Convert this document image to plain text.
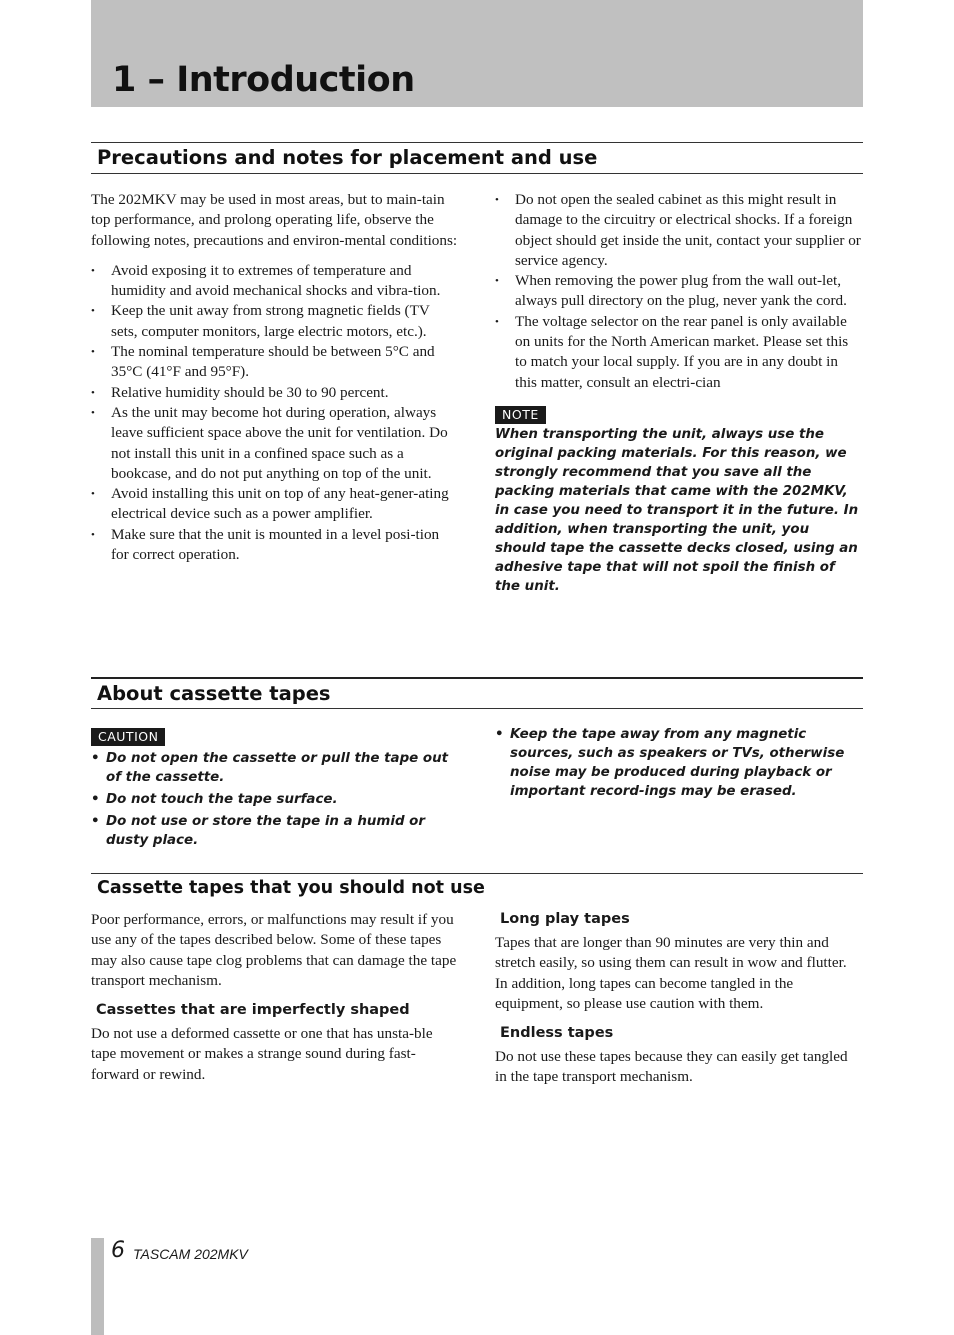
1 – Introduction
Precautions and notes for placement and use

The 202MKV may be used in most areas, but to main-tain top performance, and prolong operating life, observe the following notes, precautions and environ-mental conditions:

• Avoid exposing it to extremes of temperature and humidity and avoid mechanical shocks and vibra-tion.
• Keep the unit away from strong magnetic fields (TV sets, computer monitors, large electric motors, etc.).
• The nominal temperature should be between 5°C and 35°C (41°F and 95°F).
• Relative humidity should be 30 to 90 percent.
• As the unit may become hot during operation, always leave sufficient space above the unit for ventilation. Do not install this unit in a confined space such as a bookcase, and do not put anything on top of the unit.
• Avoid installing this unit on top of any heat-gener-ating electrical device such as a power amplifier.
• Make sure that the unit is mounted in a level posi-tion for correct operation.
• Do not open the sealed cabinet as this might result in damage to the circuitry or electrical shocks. If a foreign object should get inside the unit, contact your supplier or service agency.
• When removing the power plug from the wall out-let, always pull directory on the plug, never yank the cord.
• The voltage selector on the rear panel is only available on units for the North American market. Please set this to match your local supply. If you are in any doubt in this matter, consult an electri-cian
NOTE

When transporting the unit, always use the original packing materials. For this reason, we strongly recommend that you save all the packing materials that came with the 202MKV, in case you need to transport it in the future. In addition, when transporting the unit, you should tape the cassette decks closed, using an adhesive tape that will not spoil the finish of the unit.

About cassette tapes
CAUTION
• Do not open the cassette or pull the tape out of the cassette.
• Do not touch the tape surface.
• Do not use or store the tape in a humid or dusty place.
• Keep the tape away from any magnetic sources, such as speakers or TVs, otherwise noise may be produced during playback or important record-ings may be erased.
Cassette tapes that you should not use

Poor performance, errors, or malfunctions may result if you use any of the tapes described below. Some of these tapes may also cause tape clog problems that can damage the tape transport mechanism.

Cassettes that are imperfectly shaped

Do not use a deformed cassette or one that has unsta-ble tape movement or makes a strange sound during fast-forward or rewind.

Long play tapes

Tapes that are longer than 90 minutes are very thin and stretch easily, so using them can result in wow and flutter. In addition, long tapes can become tangled in the equipment, so please use caution with them.

Endless tapes

Do not use these tapes because they can easily get tangled in the tape transport mechanism.

6 TASCAM 202MKV
